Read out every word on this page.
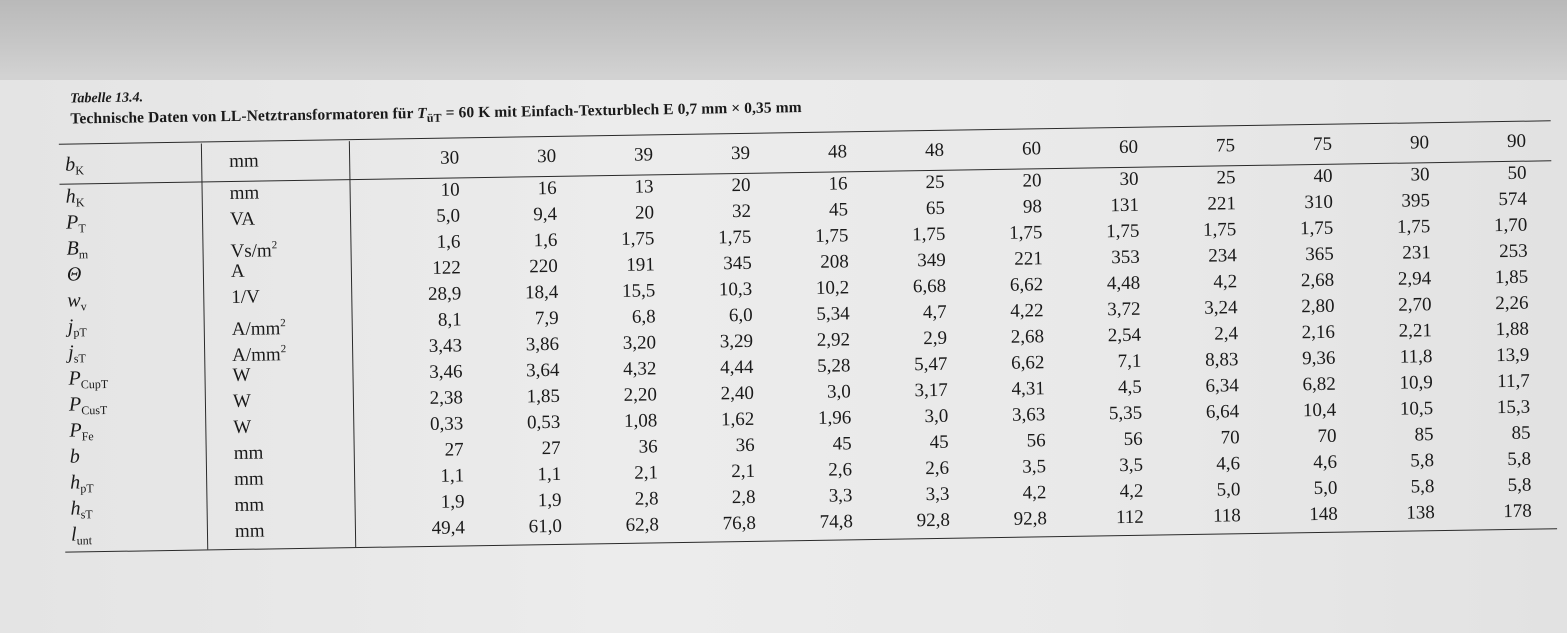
Tabelle 13.4.
Technische Daten von LL-Netztransformatoren für $T_{üT} = 60$ K mit Einfach-Texturblech E 0,7 mm × 0,35 mm
$b_K$	mm	30	30	39	39	48	48	60	60	75	75	90	90
$h_K$	mm	10	16	13	20	16	25	20	30	25	40	30	50
$P_T$	VA	5,0	9,4	20	32	45	65	98	131	221	310	395	574
$B_m$	$Vs/m^2$	1,6	1,6	1,75	1,75	1,75	1,75	1,75	1,75	1,75	1,75	1,75	1,70
Θ	A	122	220	191	345	208	349	221	353	234	365	231	253
$w_v$	1/V	28,9	18,4	15,5	10,3	10,2	6,68	6,62	4,48	4,2	2,68	2,94	1,85
$j_{pT}$	$A/mm^2$	8,1	7,9	6,8	6,0	5,34	4,7	4,22	3,72	3,24	2,80	2,70	2,26
$j_{sT}$	$A/mm^2$	3,43	3,86	3,20	3,29	2,92	2,9	2,68	2,54	2,4	2,16	2,21	1,88
$P_{CupT}$	W	3,46	3,64	4,32	4,44	5,28	5,47	6,62	7,1	8,83	9,36	11,8	13,9
$P_{CusT}$	W	2,38	1,85	2,20	2,40	3,0	3,17	4,31	4,5	6,34	6,82	10,9	11,7
$P_{Fe}$	W	0,33	0,53	1,08	1,62	1,96	3,0	3,63	5,35	6,64	10,4	10,5	15,3
b	mm	27	27	36	36	45	45	56	56	70	70	85	85
$h_{pT}$	mm	1,1	1,1	2,1	2,1	2,6	2,6	3,5	3,5	4,6	4,6	5,8	5,8
$h_{sT}$	mm	1,9	1,9	2,8	2,8	3,3	3,3	4,2	4,2	5,0	5,0	5,8	5,8
$l_{unt}$	mm	49,4	61,0	62,8	76,8	74,8	92,8	92,8	112	118	148	138	178
